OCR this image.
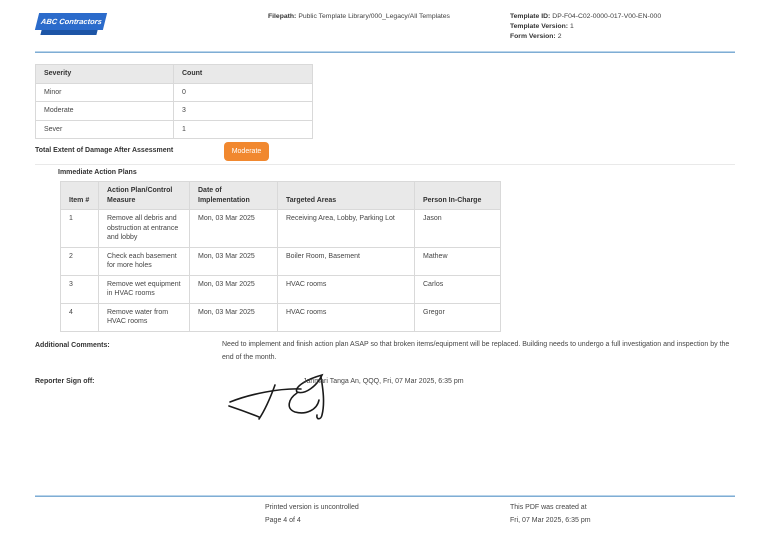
ABC Contractors
Filepath: Public Template Library/000_Legacy/All Templates	Template ID: DP-F04-C02-0000-017-V00-EN-000
Template Version: 1
Form Version: 2
Severity	Count
Minor	0
Moderate	3
Sever	1
Total Extent of Damage After Assessment	Moderate
Immediate Action Plans
Item #	Action Plan/Control Measure	Date of Implementation	Targeted Areas	Person In-Charge
1	Remove all debris and obstruction at entrance and lobby	Mon, 03 Mar 2025	Receiving Area, Lobby, Parking Lot	Jason
2	Check each basement for more holes	Mon, 03 Mar 2025	Boiler Room, Basement	Mathew
3	Remove wet equipment in HVAC rooms	Mon, 03 Mar 2025	HVAC rooms	Carlos
4	Remove water from HVAC rooms	Mon, 03 Mar 2025	HVAC rooms	Gregor
Additional Comments:	Need to implement and finish action plan ASAP so that broken items/equipment will be replaced. Building needs to undergo a full investigation and inspection by the end of the month.
Reporter Sign off:	Janmari Tanga An, QQQ, Fri, 07 Mar 2025, 6:35 pm
Printed version is uncontrolled
Page 4 of 4
This PDF was created at
Fri, 07 Mar 2025, 6:35 pm
